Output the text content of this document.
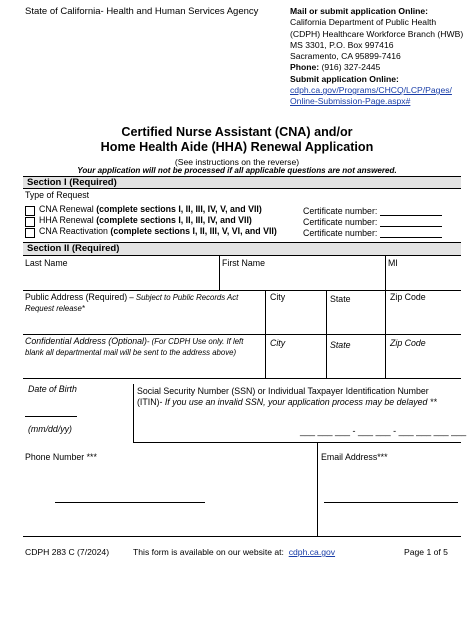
State of California- Health and Human Services Agency	Mail or submit application Online:
California Department of Public Health
(CDPH) Healthcare Workforce Branch (HWB)
MS 3301, P.O. Box 997416
Sacramento, CA 95899-7416
Phone: (916) 327-2445
Submit application Online:
cdph.ca.gov/Programs/CHCQ/LCP/Pages/
Online-Submission-Page.aspx#
Certified Nurse Assistant (CNA) and/or
Home Health Aide (HHA) Renewal Application
(See instructions on the reverse)
Your application will not be processed if all applicable questions are not answered.
Section I (Required)
Type of Request
CNA Renewal (complete sections I, II, III, IV, V, and VII)
HHA Renewal (complete sections I, II, III, IV, and VII)
CNA Reactivation (complete sections I, II, III, V, VI, and VII)
Certificate number:
Certificate number:
Certificate number:
Section II (Required)
Last Name	First Name	MI
Public Address (Required) – Subject to Public Records Act
Request release*
City	State	Zip Code
Confidential Address (Optional)- (For CDPH Use only. If left
blank all departmental mail will be sent to the address above)
City	State	Zip Code
Date of Birth
(mm/dd/yy)
Social Security Number (SSN) or Individual Taxpayer Identification Number
(ITIN)- If you use an invalid SSN, your application process may be delayed **
___ ___ ___ - ___ ___ - ___ ___ ___ ___
Phone Number ***	Email Address***
CDPH 283 C (7/2024)	This form is available on our website at: cdph.ca.gov	Page 1 of 5
